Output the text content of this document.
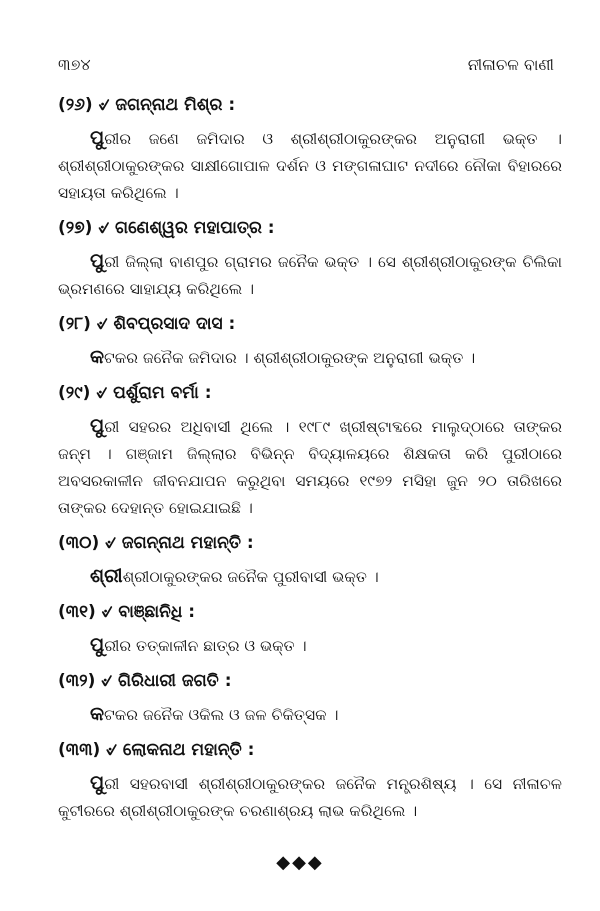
୩୭୪	ନୀଳାଚଳ ବାଣୀ
(୨୬) ୰ ଜଗନ୍ନାଥ ମିଶ୍ର :

ପୁରୀର ଜଣେ ଜମିଦାର ଓ ଶ୍ରୀଶ୍ରୀଠାକୁରଙ୍କର ଅନୁରାଗୀ ଭକ୍ତ । ଶ୍ରୀଶ୍ରୀଠାକୁରଙ୍କର ସାକ୍ଷୀଗୋପାଳ ଦର୍ଶନ ଓ ମଙ୍ଗଳାଘାଟ ନଦୀରେ ନୌକା ବିହାରରେ ସହାୟତା କରିଥିଲେ ।

(୨୭) ୰ ଗଣେଶ୍ୱର ମହାପାତ୍ର :

ପୁରୀ ଜିଲ୍ଲା ବାଣପୁର ଗ୍ରାମର ଜନୈକ ଭକ୍ତ । ସେ ଶ୍ରୀଶ୍ରୀଠାକୁରଙ୍କ ଚିଲିକା ଭ୍ରମଣରେ ସାହାଯ୍ୟ କରିଥିଲେ ।

(୨୮) ୰ ଶିବପ୍ରସାଦ ଦାସ :

କଟକର ଜନୈକ ଜମିଦାର । ଶ୍ରୀଶ୍ରୀଠାକୁରଙ୍କ ଅନୁରାଗୀ ଭକ୍ତ ।

(୨୯) ୰ ପର୍ଶୁରାମ ବର୍ମା :

ପୁରୀ ସହରର ଅଧିବାସୀ ଥିଲେ । ୧୯୮୯ ଖ୍ରୀଷ୍ଟାବ୍ଦରେ ମାଲୁଦ୍‌ଠାରେ ତାଙ୍କର ଜନ୍ମ । ଗଞ୍ଜାମ ଜିଲ୍ଲାର ବିଭିନ୍ନ ବିଦ୍ୟାଳୟରେ ଶିକ୍ଷକତା କରି ପୁରୀଠାରେ ଅବସରକାଳୀନ ଜୀବନଯାପନ କରୁଥିବା ସମୟରେ ୧୯୭୨ ମସିହା ଜୁନ ୨୦ ତାରିଖରେ ତାଙ୍କର ଦେହାନ୍ତ ହୋଇଯାଇଛି ।

(୩୦) ୰ ଜଗନ୍ନାଥ ମହାନ୍ତି :

ଶ୍ରୀଶ୍ରୀଠାକୁରଙ୍କର ଜନୈକ ପୁରୀବାସୀ ଭକ୍ତ ।

(୩୧) ୰ ବାଞ୍ଛାନିଧି :

ପୁରୀର ତତ୍‌କାଳୀନ ଛାତ୍ର ଓ ଭକ୍ତ ।

(୩୨) ୰ ଗିରିଧାରୀ ଜଗତି :

କଟକର ଜନୈକ ଓକିଲ ଓ ଜଳ ଚିକିତ୍ସକ ।

(୩୩) ୰ ଲୋକନାଥ ମହାନ୍ତି :

ପୁରୀ ସହରବାସୀ ଶ୍ରୀଶ୍ରୀଠାକୁରଙ୍କର ଜନୈକ ମନ୍ତ୍ରଶିଷ୍ୟ । ସେ ନୀଳାଚଳ କୁଟୀରରେ ଶ୍ରୀଶ୍ରୀଠାକୁରଙ୍କ ଚରଣାଶ୍ରୟ ଲାଭ କରିଥିଲେ ।

◆◆◆
